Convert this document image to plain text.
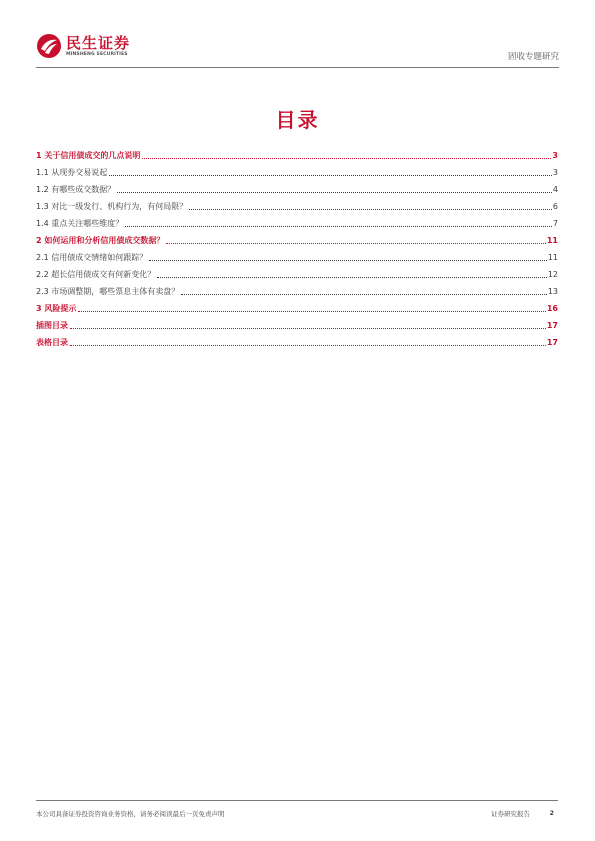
民生证券
MINSHENG SECURITIES	固收专题研究
目录
1 关于信用债成交的几点说明	3
1.1 从现券交易说起	3
1.2 有哪些成交数据？	4
1.3 对比一级发行、机构行为，有何局限？	6
1.4 重点关注哪些维度？	7
2 如何运用和分析信用债成交数据？	11
2.1 信用债成交情绪如何跟踪？	11
2.2 超长信用债成交有何新变化？	12
2.3 市场调整期，哪些票息主体有卖盘？	13
3 风险提示	16
插图目录	17
表格目录	17
本公司具备证券投资咨询业务资格，请务必阅读最后一页免责声明	证券研究报告	2
